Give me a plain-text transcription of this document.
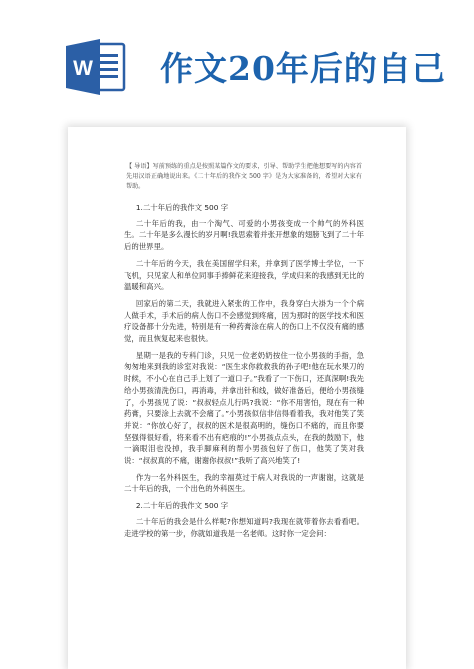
W 作文20年后的自己
【 导语】写前预练的重点是按照某篇作文的要求，引导、帮助学生把他想要写的内容首先用汉语正确地说出来。《二十年后的我作文 500 字》是为大家准备的，希望对大家有帮助。

1.二十年后的我作文 500 字

二十年后的我，由一个淘气、可爱的小男孩变成一个帅气的外科医生。二十年是多么漫长的岁月啊!我思索着并张开想象的翅膀飞到了二十年后的世界里。

二十年后的今天，我在美国留学归来，并拿到了医学博士学位，一下飞机，只见家人和单位同事手捧鲜花来迎接我，学成归来的我感到无比的温暖和高兴。

回家后的第二天，我就进入紧张的工作中，我身穿白大褂为一个个病人做手术，手术后的病人伤口不会感觉到疼痛，因为那时的医学技术和医疗设备都十分先进，特别是有一种药膏涂在病人的伤口上不仅没有痛的感觉，而且恢复起来也很快。

星期一是我的专科门诊，只见一位老奶奶按住一位小男孩的手指，急匆匆地来到我的诊室对我说：“医生求你救救我的孙子吧!他在玩水果刀的时候，不小心在自己手上划了一道口子。”我看了一下伤口，还真深啊!我先给小男孩清洗伤口，再消毒，并拿出针和线，做好准备后，便给小男孩缝了，小男孩见了说：“叔叔轻点儿行吗?我说：“你不用害怕，现在有一种药膏，只要涂上去就不会痛了。”小男孩似信非信得看着我，我对他笑了笑并说：“你放心好了，叔叔的医术是很高明的，缝伤口不痛的，而且你要坚强得很好看，将来看不出有疤痕的!”小男孩点点头，在我的鼓励下，他一滴眼泪也没掉，我手脚麻利的帮小男孩包好了伤口，他笑了笑对我说：“叔叔真的不痛，谢谢你叔叔!”我听了高兴地笑了!

作为一名外科医生，我的幸福莫过于病人对我说的一声谢谢，这就是二十年后的我，一个出色的外科医生。

2.二十年后的我作文 500 字

二十年后的我会是什么样呢?你想知道吗?我现在就带着你去看看吧。走进学校的第一步，你就如道我是一名老师。这时你一定会问：
